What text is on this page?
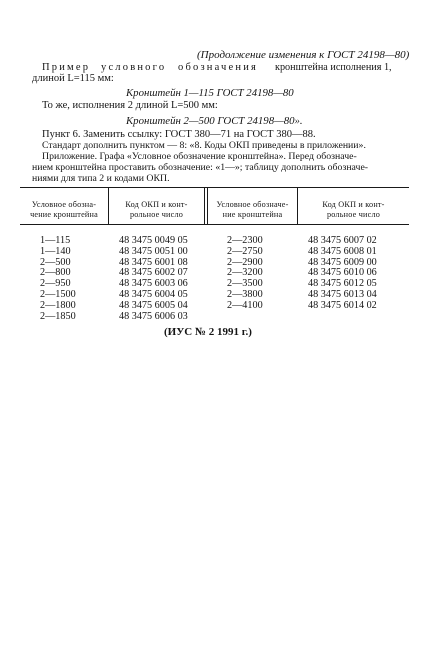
(Продолжение изменения к ГОСТ 24198—80)
Пример условного обозначения кронштейна исполнения 1,
длиной L=115 мм:
Кронштейн 1—115 ГОСТ 24198—80
То же, исполнения 2 длиной L=500 мм:
Кронштейн 2—500 ГОСТ 24198—80».
Пункт 6. Заменить ссылку: ГОСТ 380—71 на ГОСТ 380—88.
Стандарт дополнить пунктом — 8: «8. Коды ОКП приведены в приложении».
Приложение. Графа «Условное обозначение кронштейна». Перед обозначе-
нием кронштейна проставить обозначение: «1—»; таблицу дополнить обозначе-
ниями для типа 2 и кодами ОКП.
Условное обозна-
чение кронштейна
Код ОКП и конт-
рольное число
Условное обозначе-
ние кронштейна
Код ОКП и конт-
рольное число
1—115
1—140
2—500
2—800
2—950
2—1500
2—1800
2—1850
48 3475 0049 05
48 3475 0051 00
48 3475 6001 08
48 3475 6002 07
48 3475 6003 06
48 3475 6004 05
48 3475 6005 04
48 3475 6006 03
2—2300
2—2750
2—2900
2—3200
2—3500
2—3800
2—4100
48 3475 6007 02
48 3475 6008 01
48 3475 6009 00
48 3475 6010 06
48 3475 6012 05
48 3475 6013 04
48 3475 6014 02
(ИУС № 2 1991 г.)
